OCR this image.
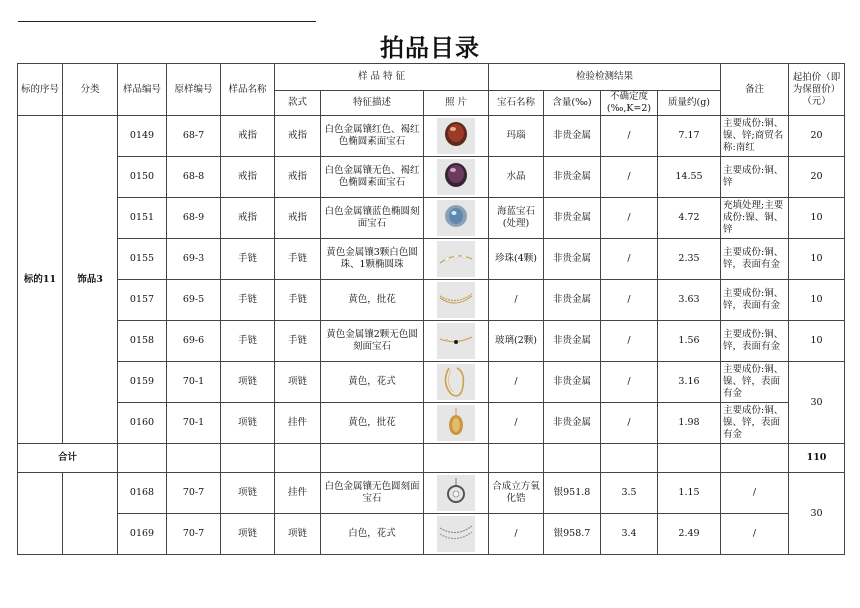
拍品目录
标的序号	分类	样品编号	原样编号	样品名称	样 品 特 征			检验检测结果				备注	起拍价（即为保留价）（元）
					款式	特征描述	照 片	宝石名称	含量(‰)	不确定度(‰,K=2)	质量约(g)		
标的11	饰品3	0149	68-7	戒指	戒指	白色金属镶红色、褐红色椭圆素面宝石		玛瑙	非贵金属	/	7.17	主要成份:铜、镍、锌;商贸名称:南红	20
		0150	68-8	戒指	戒指	白色金属镶无色、褐红色椭圆素面宝石		水晶	非贵金属	/	14.55	主要成份:铜、锌	20
		0151	68-9	戒指	戒指	白色金属镶蓝色椭圆刻面宝石		海蓝宝石(处理)	非贵金属	/	4.72	充填处理;主要成份:镍、铜、锌	10
		0155	69-3	手链	手链	黄色金属镶3颗白色圆珠、1颗椭圆珠		珍珠(4颗)	非贵金属	/	2.35	主要成份:铜、锌，表面有金	10
		0157	69-5	手链	手链	黄色，批花		/	非贵金属	/	3.63	主要成份:铜、锌，表面有金	10
		0158	69-6	手链	手链	黄色金属镶2颗无色圆刻面宝石		玻璃(2颗)	非贵金属	/	1.56	主要成份:铜、锌，表面有金	10
		0159	70-1	项链	项链	黄色，花式		/	非贵金属	/	3.16	主要成份:铜、镍、锌，表面有金	30
		0160	70-1	项链	挂件	黄色，批花		/	非贵金属	/	1.98	主要成份:铜、镍、锌，表面有金	
合计													110
		0168	70-7	项链	挂件	白色金属镶无色圆刻面宝石		合成立方氧化锆	银951.8	3.5	1.15	/	30
		0169	70-7	项链	项链	白色，花式		/	银958.7	3.4	2.49	/	
